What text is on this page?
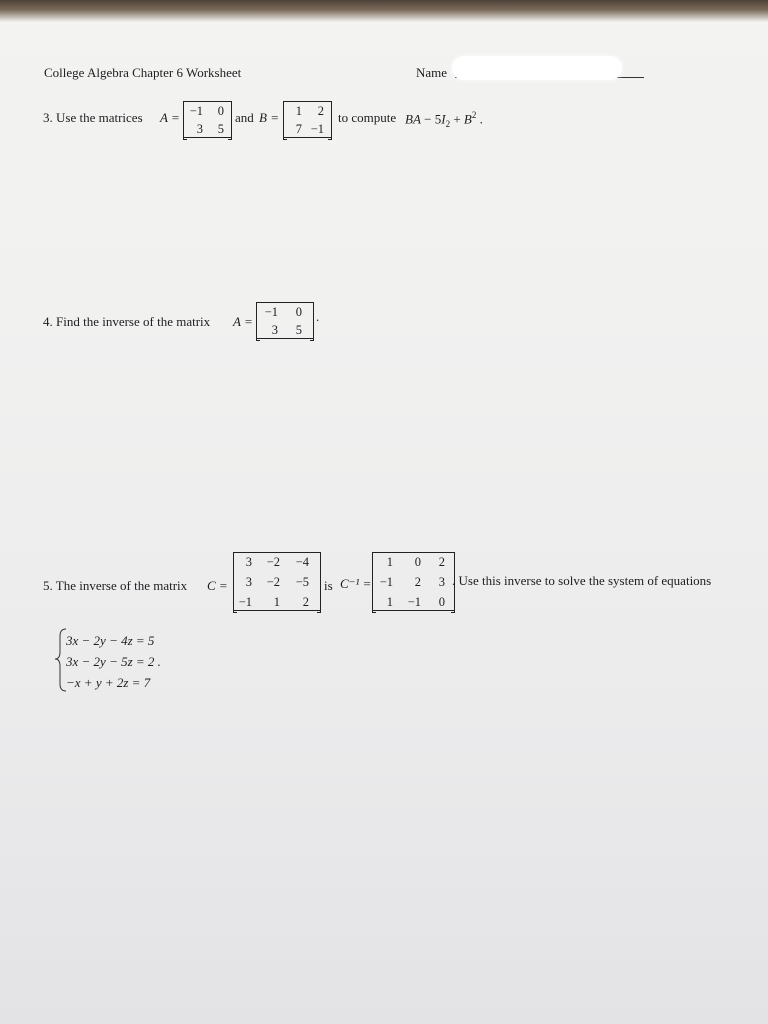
College Algebra Chapter 6 Worksheet	Name
3. Use the matrices A = −1	0
3	5
and B =	1	2
7 −1
to compute BA − $5I_2 + B^2$ .
4. Find the inverse of the matrix A =
−1	0
3	5
.
5. The inverse of the matrix C =
3	−2	−4
3	−2	−5
−1	1	2
is C⁻¹ =
1	0	2
−1	2	3
1	−1	0
. Use this inverse to solve the system of equations
3x − 2y − 4z = 5
3x − 2y − 5z = 2 .
−x + y + 2z = 7
